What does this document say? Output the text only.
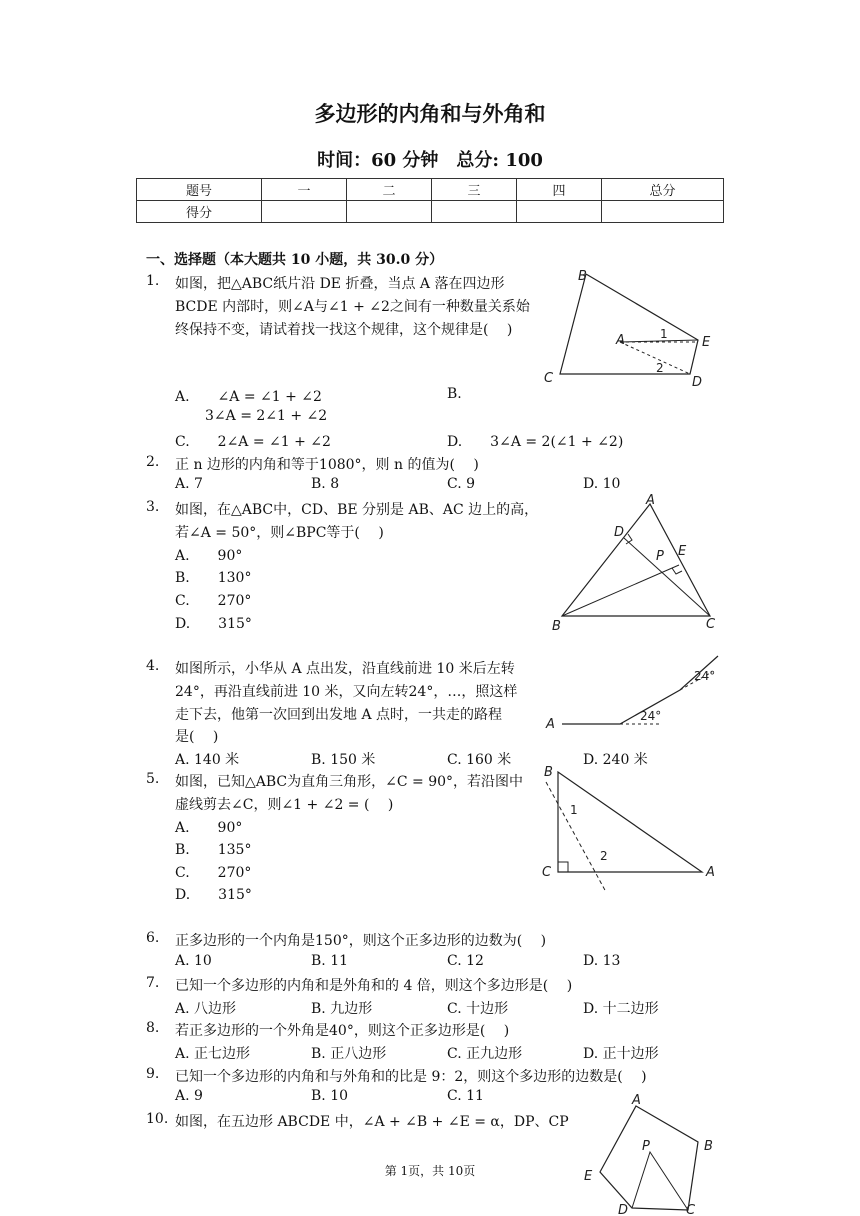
多边形的内角和与外角和
时间：60 分钟　总分: 100
题号	一	二	三	四	总分
得分					
一、选择题（本大题共 10 小题，共 30.0 分）
1. 如图，把△ABC纸片沿 DE 折叠，当点 A 落在四边形
BCDE 内部时，则∠A与∠1 + ∠2之间有一种数量关系始
终保持不变，请试着找一找这个规律，这个规律是(　 )
A.　　∠A = ∠1 + ∠2	B.
3∠A = 2∠1 + ∠2
C.　　2∠A = ∠1 + ∠2	D.　　3∠A = 2(∠1 + ∠2)
B
1
A	E
C
2
D
2. 正 n 边形的内角和等于1080°，则 n 的值为(　 )
A. 7	B. 8	C. 9	D. 10
3. 如图，在△ABC中，CD、BE 分别是 AB、AC 边上的高，
若∠A = 50°，则∠BPC等于(　 )
A.　　90°
B.　　130°
C.　　270°
D.　　315°
A
D
P E
B	C
4. 如图所示，小华从 A 点出发，沿直线前进 10 米后左转
24°，再沿直线前进 10 米，又向左转24°，…，照这样
走下去，他第一次回到出发地 A 点时，一共走的路程
是(　 )
A. 140 米	B. 150 米	C. 160 米	D. 240 米
24°
A
24°
5. 如图，已知△ABC为直角三角形，∠C = 90°，若沿图中
虚线剪去∠C，则∠1 + ∠2 = (　 )
A.　　90°
B.　　135°
C.　　270°
D.　　315°
B
1
2
C	A
6. 正多边形的一个内角是150°，则这个正多边形的边数为(　 )
A. 10	B. 11	C. 12	D. 13
7. 已知一个多边形的内角和是外角和的 4 倍，则这个多边形是(　 )
A. 八边形	B. 九边形	C. 十边形	D. 十二边形
8. 若正多边形的一个外角是40°，则这个正多边形是(　 )
A. 正七边形	B. 正八边形	C. 正九边形	D. 正十边形
9. 已知一个多边形的内角和与外角和的比是 9：2，则这个多边形的边数是(　 )
A. 9	B. 10	C. 11
10. 如图，在五边形 ABCDE 中，∠A + ∠B + ∠E = α，DP、CP
A
P	B
E
D	C
第 1页，共 10页
